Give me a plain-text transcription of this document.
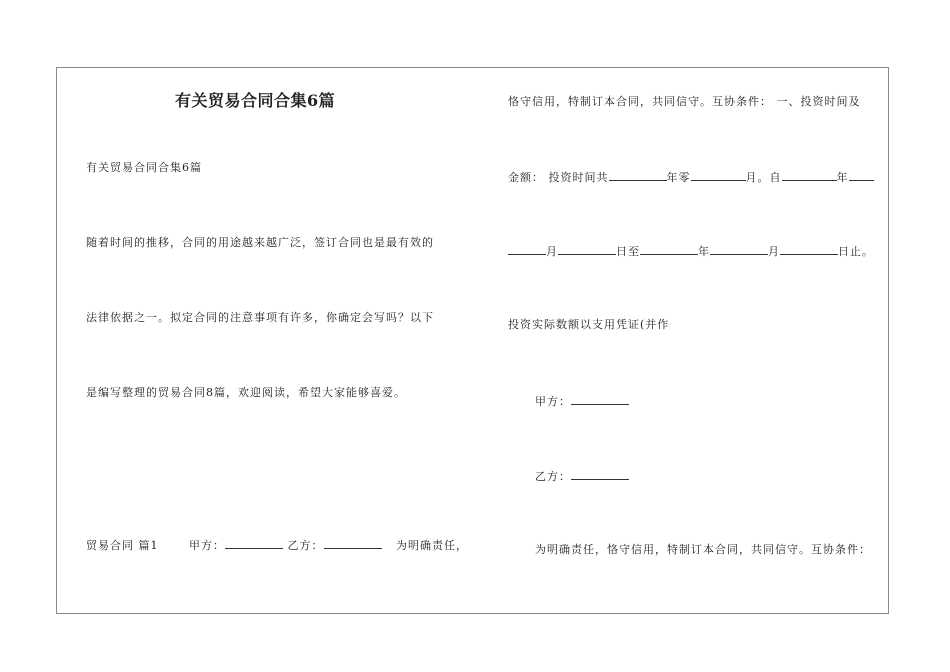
有关贸易合同合集6篇
有关贸易合同合集6篇
随着时间的推移，合同的用途越来越广泛，签订合同也是最有效的
法律依据之一。拟定合同的注意事项有许多，你确定会写吗？以下
是编写整理的贸易合同8篇，欢迎阅读，希望大家能够喜爱。
贸易合同 篇1	甲方：	乙方：	为明确责任，
恪守信用，特制订本合同，共同信守。互协条件： 一、投资时间及
金额： 投资时间共	年零	月。自	年
月	日至	年	月	日止。
投资实际数额以支用凭证(并作
甲方：
乙方：
为明确责任，恪守信用，特制订本合同，共同信守。互协条件：
